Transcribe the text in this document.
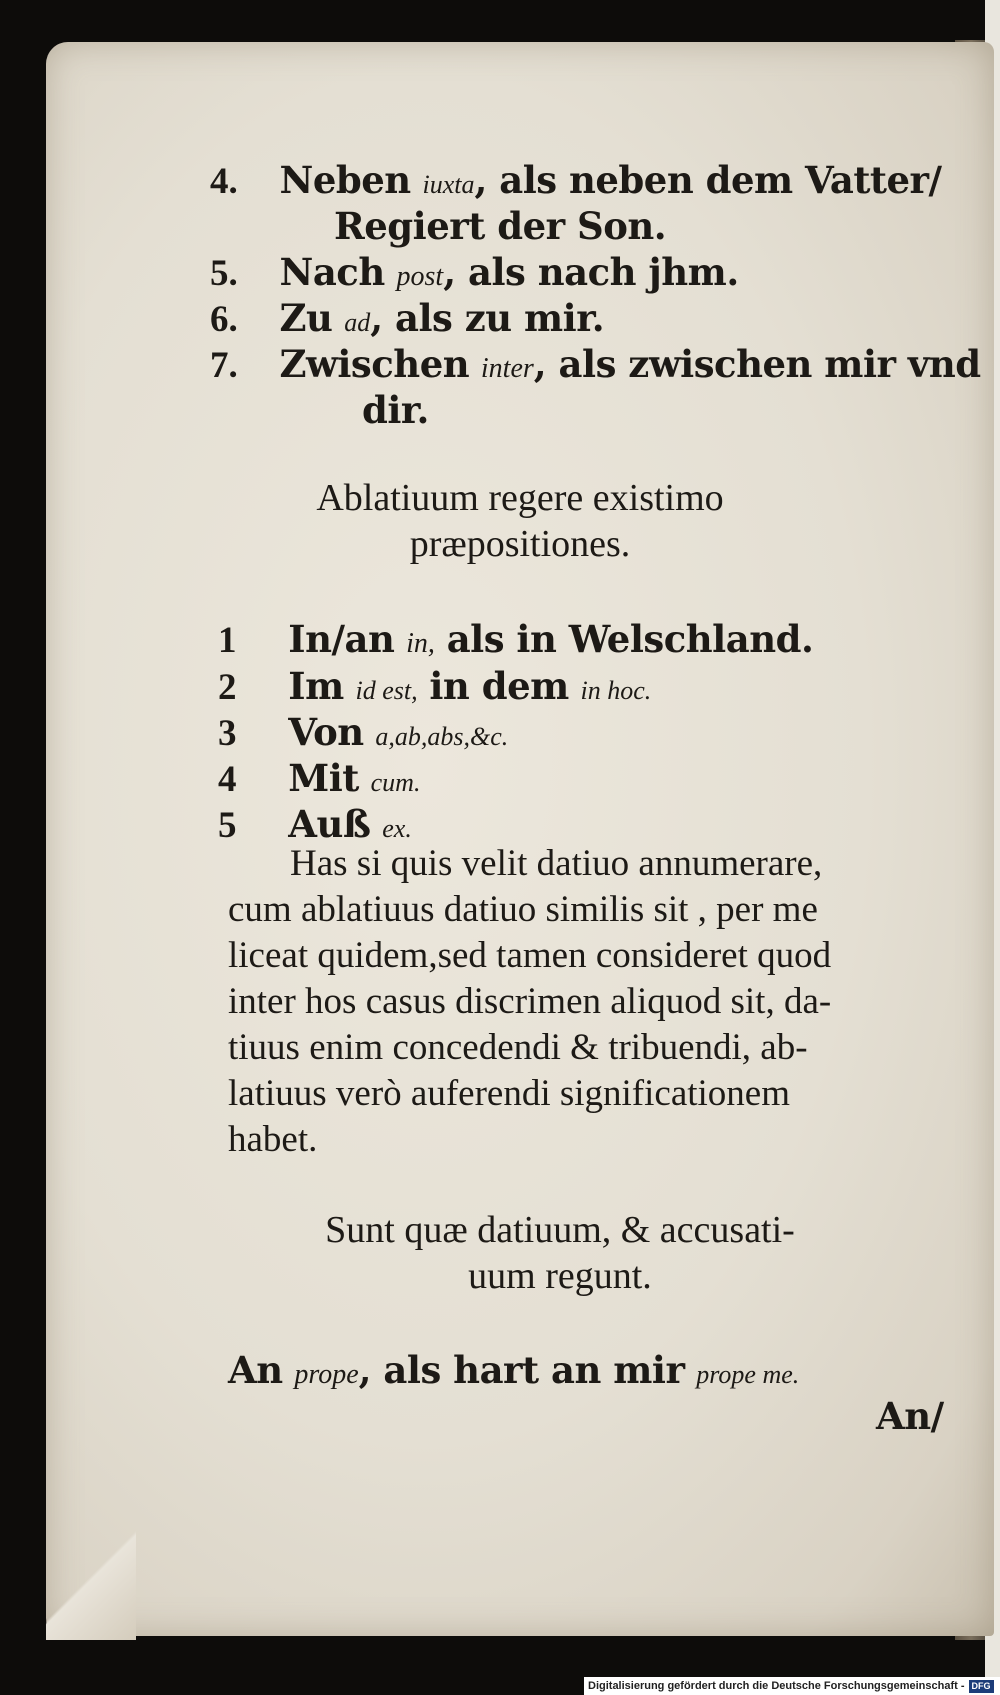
4. Neben iuxta, als neben dem Vatter/
Regiert der Son.
5. Nach post, als nach jhm.
6. Zu ad, als zu mir.
7. Zwischen inter, als zwischen mir vnd
dir.
Ablatiuum regere existimo
præpositiones.
1 In/an in, als in Welschland.
2 Im id est, in dem in hoc.
3 Von a,ab,abs,&c.
4 Mit cum.
5 Auß ex.
Has si quis velit datiuo annumerare,
cum ablatiuus datiuo similis sit , per me
liceat quidem,sed tamen consideret quod
inter hos casus discrimen aliquod sit, da-
tiuus enim concedendi & tribuendi, ab-
latiuus verò auferendi significationem
habet.
Sunt quæ datiuum, & accusati-
uum regunt.
An prope, als hart an mir prope me.
An/
Digitalisierung gefördert durch die Deutsche Forschungsgemeinschaft - DFG
